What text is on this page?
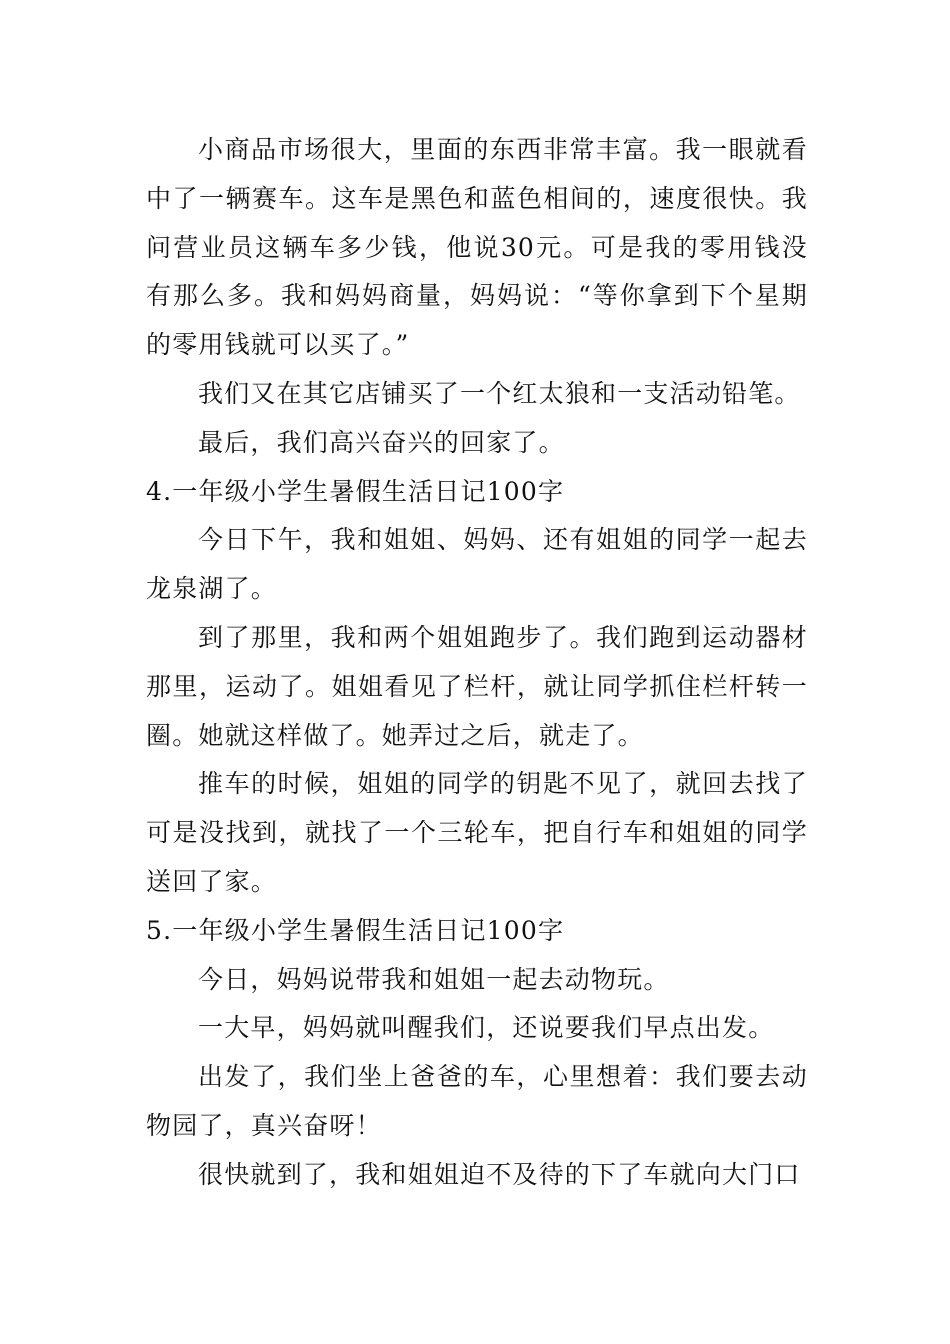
小商品市场很大，里面的东西非常丰富。我一眼就看中了一辆赛车。这车是黑色和蓝色相间的，速度很快。我问营业员这辆车多少钱，他说30元。可是我的零用钱没有那么多。我和妈妈商量，妈妈说：“等你拿到下个星期的零用钱就可以买了。”

我们又在其它店铺买了一个红太狼和一支活动铅笔。

最后，我们高兴奋兴的回家了。

4.一年级小学生暑假生活日记100字

今日下午，我和姐姐、妈妈、还有姐姐的同学一起去龙泉湖了。

到了那里，我和两个姐姐跑步了。我们跑到运动器材那里，运动了。姐姐看见了栏杆，就让同学抓住栏杆转一圈。她就这样做了。她弄过之后，就走了。

推车的时候，姐姐的同学的钥匙不见了，就回去找了可是没找到，就找了一个三轮车，把自行车和姐姐的同学送回了家。

5.一年级小学生暑假生活日记100字

今日，妈妈说带我和姐姐一起去动物玩。

一大早，妈妈就叫醒我们，还说要我们早点出发。

出发了，我们坐上爸爸的车，心里想着：我们要去动物园了，真兴奋呀！

很快就到了，我和姐姐迫不及待的下了车就向大门口
